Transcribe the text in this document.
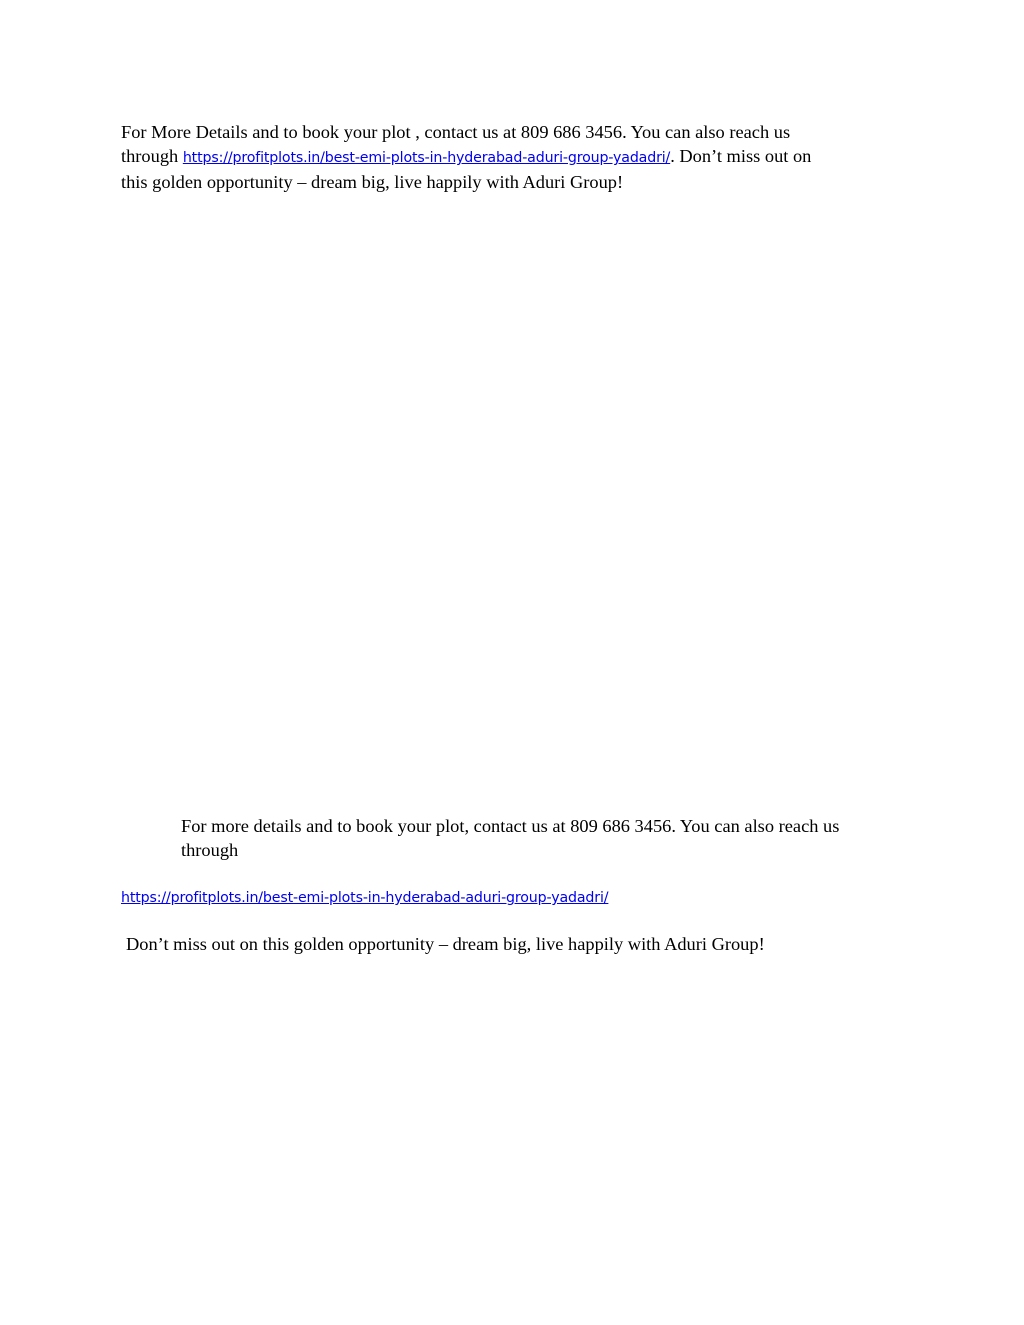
For More Details and to book your plot , contact us at 809 686 3456. You can also reach us
through https://profitplots.in/best-emi-plots-in-hyderabad-aduri-group-yadadri/. Don’t miss out on
this golden opportunity – dream big, live happily with Aduri Group!

For more details and to book your plot, contact us at 809 686 3456. You can also reach us
through

https://profitplots.in/best-emi-plots-in-hyderabad-aduri-group-yadadri/

Don’t miss out on this golden opportunity – dream big, live happily with Aduri Group!
